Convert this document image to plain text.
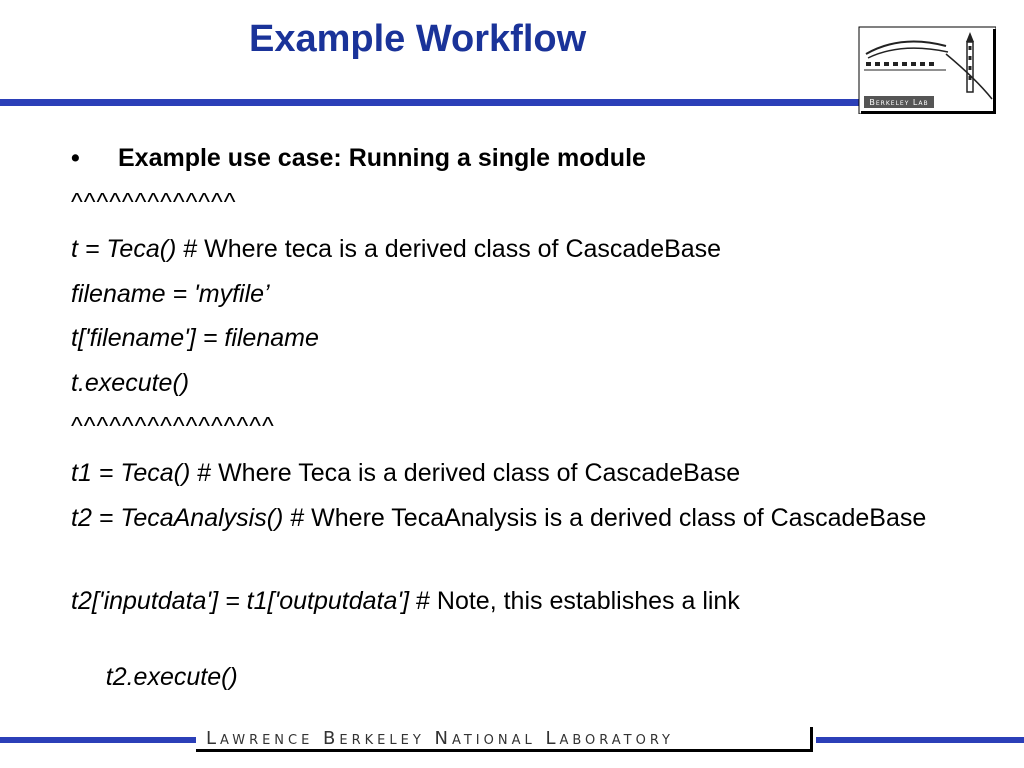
Example Workflow
Berkeley Lab
• Example use case: Running a single module
^^^^^^^^^^^^^
t = Teca() # Where teca is a derived class of CascadeBase
filename = 'myfile’
t['filename'] = filename
t.execute()
^^^^^^^^^^^^^^^^
t1 = Teca() # Where Teca is a derived class of CascadeBase
t2 = TecaAnalysis() # Where TecaAnalysis is a derived class of CascadeBase
t2['inputdata'] = t1['outputdata'] # Note, this establishes a link

t2.execute()

Lawrence Berkeley National Laboratory
